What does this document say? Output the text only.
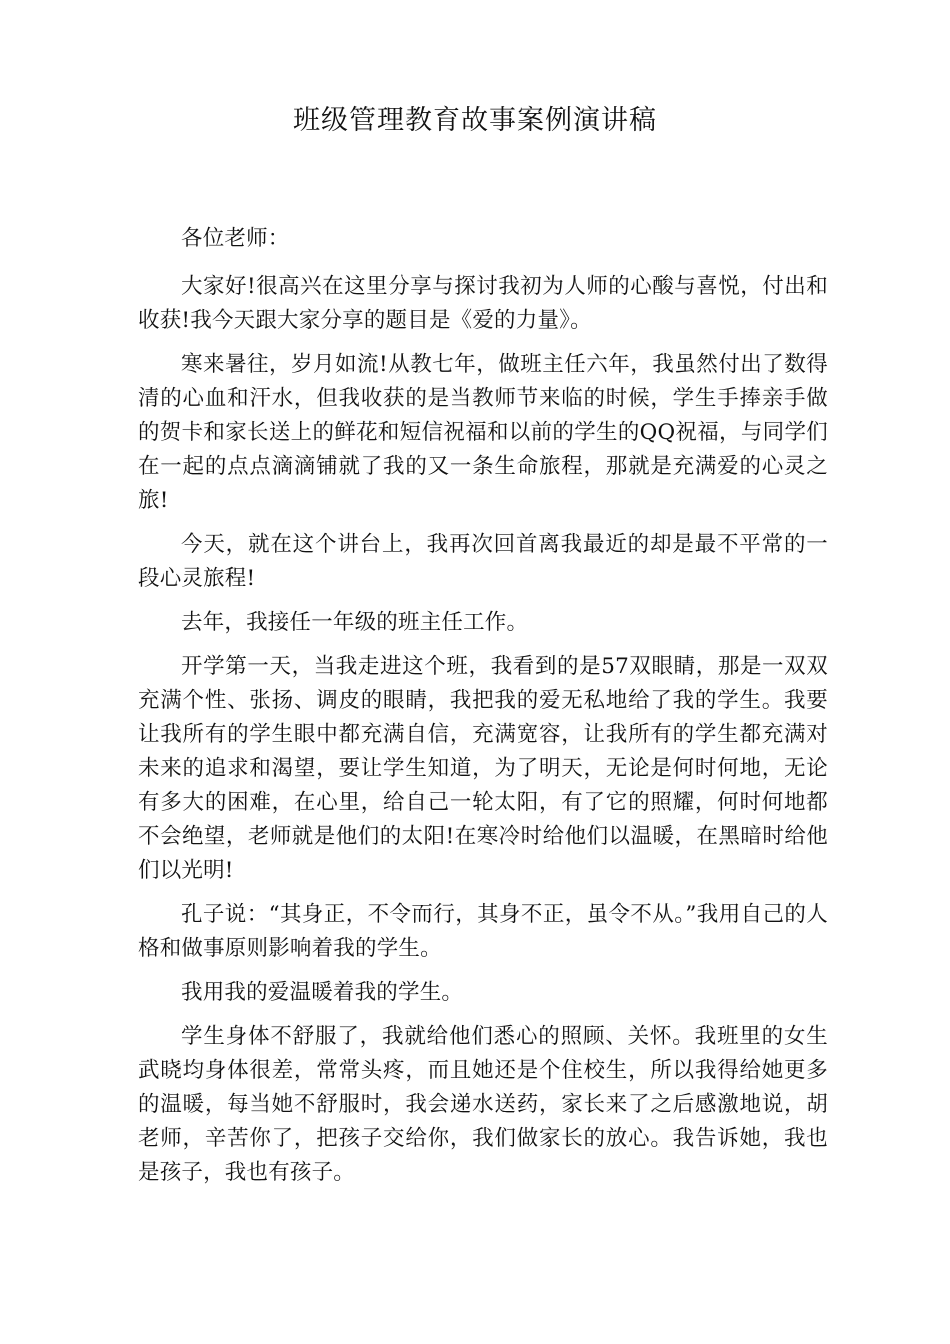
班级管理教育故事案例演讲稿

各位老师：

大家好!很高兴在这里分享与探讨我初为人师的心酸与喜悦，付出和收获!我今天跟大家分享的题目是《爱的力量》。

寒来暑往，岁月如流!从教七年，做班主任六年，我虽然付出了数得清的心血和汗水，但我收获的是当教师节来临的时候，学生手捧亲手做的贺卡和家长送上的鲜花和短信祝福和以前的学生的QQ祝福，与同学们在一起的点点滴滴铺就了我的又一条生命旅程，那就是充满爱的心灵之旅!

今天，就在这个讲台上，我再次回首离我最近的却是最不平常的一段心灵旅程!

去年，我接任一年级的班主任工作。

开学第一天，当我走进这个班，我看到的是57双眼睛，那是一双双充满个性、张扬、调皮的眼睛，我把我的爱无私地给了我的学生。我要让我所有的学生眼中都充满自信，充满宽容，让我所有的学生都充满对未来的追求和渴望，要让学生知道，为了明天，无论是何时何地，无论有多大的困难，在心里，给自己一轮太阳，有了它的照耀，何时何地都不会绝望，老师就是他们的太阳!在寒冷时给他们以温暖，在黑暗时给他们以光明!

孔子说：“其身正，不令而行，其身不正，虽令不从。”我用自己的人格和做事原则影响着我的学生。

我用我的爱温暖着我的学生。

学生身体不舒服了，我就给他们悉心的照顾、关怀。我班里的女生武晓均身体很差，常常头疼，而且她还是个住校生，所以我得给她更多的温暖，每当她不舒服时，我会递水送药，家长来了之后感激地说，胡老师，辛苦你了，把孩子交给你，我们做家长的放心。我告诉她，我也是孩子，我也有孩子。
